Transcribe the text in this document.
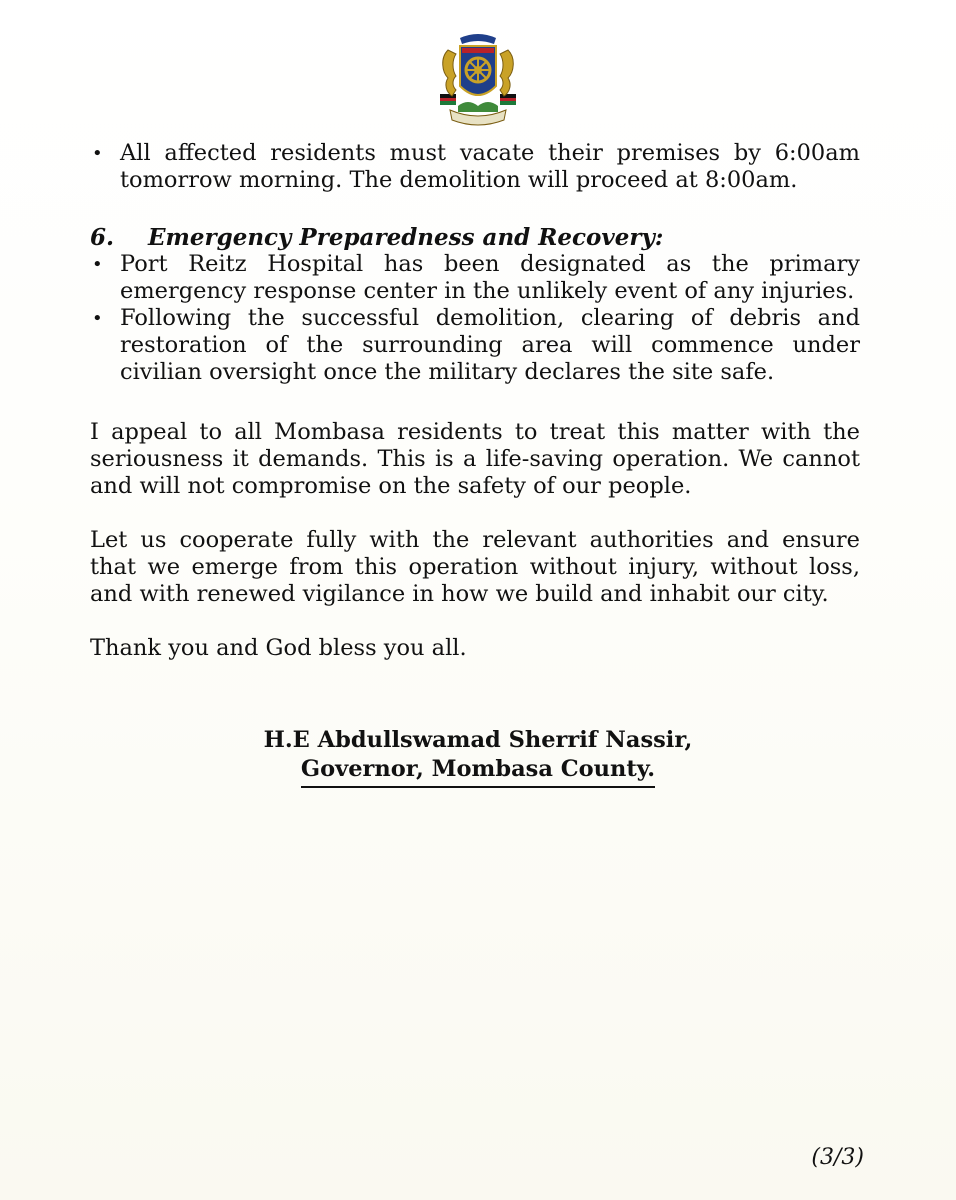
• All affected residents must vacate their premises by 6:00am tomorrow morning. The demolition will proceed at 8:00am.
6. Emergency Preparedness and Recovery:
• Port Reitz Hospital has been designated as the primary emergency response center in the unlikely event of any injuries.
• Following the successful demolition, clearing of debris and restoration of the surrounding area will commence under civilian oversight once the military declares the site safe.

I appeal to all Mombasa residents to treat this matter with the seriousness it demands. This is a life-saving operation. We cannot and will not compromise on the safety of our people.

Let us cooperate fully with the relevant authorities and ensure that we emerge from this operation without injury, without loss, and with renewed vigilance in how we build and inhabit our city.

Thank you and God bless you all.

H.E Abdullswamad Sherrif Nassir,
Governor, Mombasa County.
(3/3)
